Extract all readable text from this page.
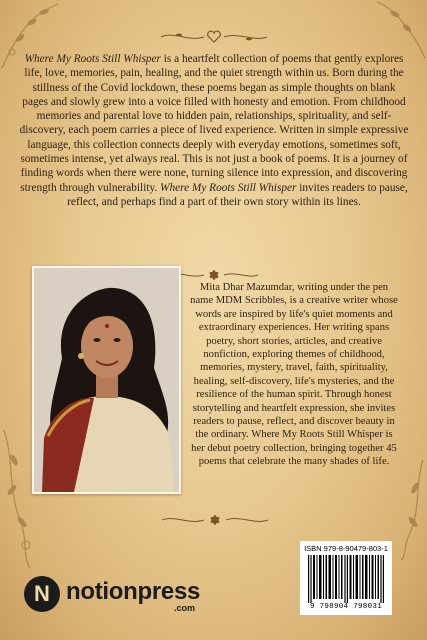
Where My Roots Still Whisper is a heartfelt collection of poems that gently explores life, love, memories, pain, healing, and the quiet strength within us. Born during the stillness of the Covid lockdown, these poems began as simple thoughts on blank pages and slowly grew into a voice filled with honesty and emotion. From childhood memories and parental love to hidden pain, relationships, spirituality, and self-discovery, each poem carries a piece of lived experience. Written in simple expressive language, this collection connects deeply with everyday emotions, sometimes soft, sometimes intense, yet always real. This is not just a book of poems. It is a journey of finding words when there were none, turning silence into expression, and discovering strength through vulnerability. Where My Roots Still Whisper invites readers to pause, reflect, and perhaps find a part of their own story within its lines.
Mita Dhar Mazumdar, writing under the pen name MDM Scribbles, is a creative writer whose words are inspired by life's quiet moments and extraordinary experiences. Her writing spans poetry, short stories, articles, and creative nonfiction, exploring themes of childhood, memories, mystery, travel, faith, spirituality, healing, self-discovery, life's mysteries, and the resilience of the human spirit. Through honest storytelling and heartfelt expression, she invites readers to pause, reflect, and discover beauty in the ordinary. Where My Roots Still Whisper is her debut poetry collection, bringing together 45 poems that celebrate the many shades of life.
N notionpress
.com
ISBN 979-8-90479-803-1
9 798904 798031
